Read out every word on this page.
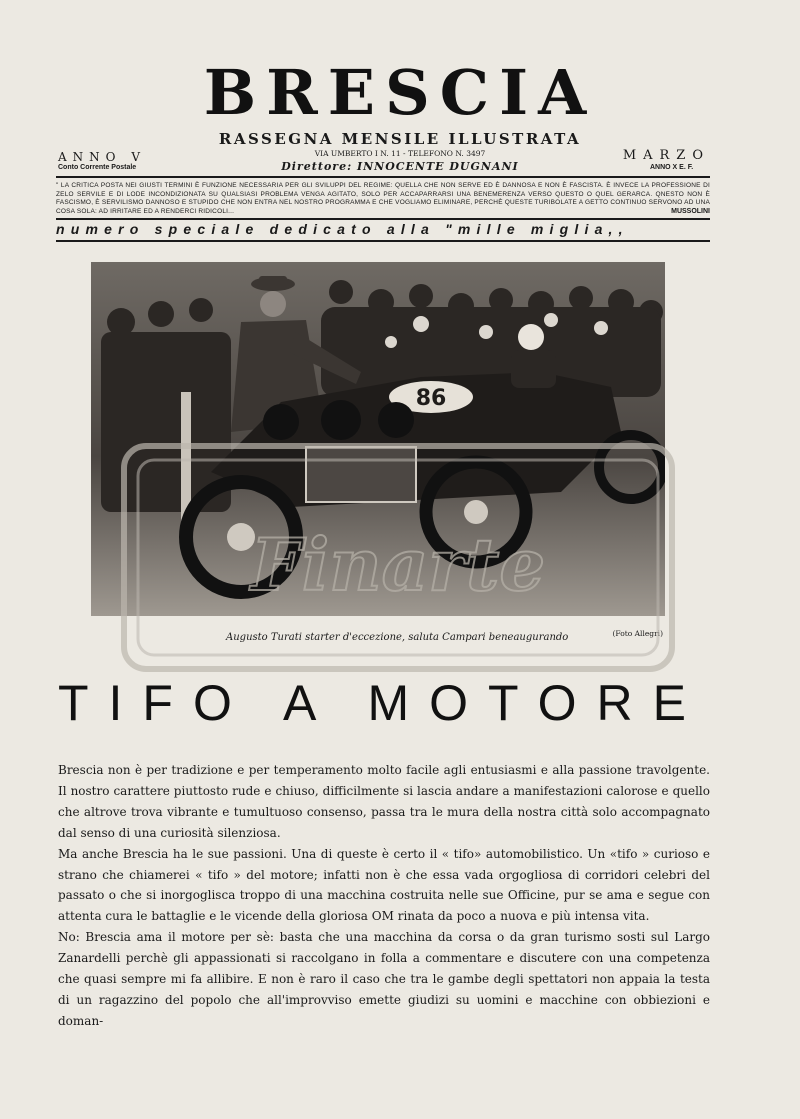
BRESCIA
RASSEGNA MENSILE ILLUSTRATA
ANNO V
Conto Corrente Postale
VIA UMBERTO I N. 11 - TELEFONO N. 3497
Direttore: INNOCENTE DUGNANI
MARZO
ANNO X E. F.
" LA CRITICA POSTA NEI GIUSTI TERMINI È FUNZIONE NECESSARIA PER GLI SVILUPPI DEL REGIME: QUELLA CHE NON SERVE ED È DANNOSA E NON È FASCISTA. È INVECE LA PROFESSIONE DI ZELO SERVILE E DI LODE INCONDIZIONATA SU QUALSIASI PROBLEMA VENGA AGITATO, SOLO PER ACCAPARRARSI UNA BENEMERENZA VERSO QUESTO O QUEL GERARCA. QNESTO NON È FASCISMO, È SERVILISMO DANNOSO E STUPIDO CHE NON ENTRA NEL NOSTRO PROGRAMMA E CHE VOGLIAMO ELIMINARE, PERCHÈ QUESTE TURIBOLATE A GETTO CONTINUO SERVONO AD UNA COSA SOLA: AD IRRITARE ED A RENDERCI RIDICOLI...	MUSSOLINI
numero speciale dedicato alla "mille miglia,,
86
Augusto Turati starter d'eccezione, saluta Campari beneaugurando	(Foto Allegri)
Finarte
TIFO A MOTORE

Brescia non è per tradizione e per temperamento molto facile agli entusiasmi e alla passione travolgente. Il nostro carattere piuttosto rude e chiuso, difficilmente si lascia andare a manifestazioni calorose e quello che altrove trova vibrante e tumultuoso consenso, passa tra le mura della nostra città solo accompagnato dal senso di una curiosità silenziosa.

Ma anche Brescia ha le sue passioni. Una di queste è certo il « tifo» automobilistico. Un «tifo » curioso e strano che chiamerei « tifo » del motore; infatti non è che essa vada orgogliosa di corridori celebri del passato o che si inorgoglisca troppo di una macchina costruita nelle sue Officine, pur se ama e segue con attenta cura le battaglie e le vicende della gloriosa OM rinata da poco a nuova e più intensa vita.

No: Brescia ama il motore per sè: basta che una macchina da corsa o da gran turismo sosti sul Largo Zanardelli perchè gli appassionati si raccolgano in folla a commentare e discutere con una competenza che quasi sempre mi fa allibire. E non è raro il caso che tra le gambe degli spettatori non appaia la testa di un ragazzino del popolo che all'improvviso emette giudizi su uomini e macchine con obbiezioni e doman-
